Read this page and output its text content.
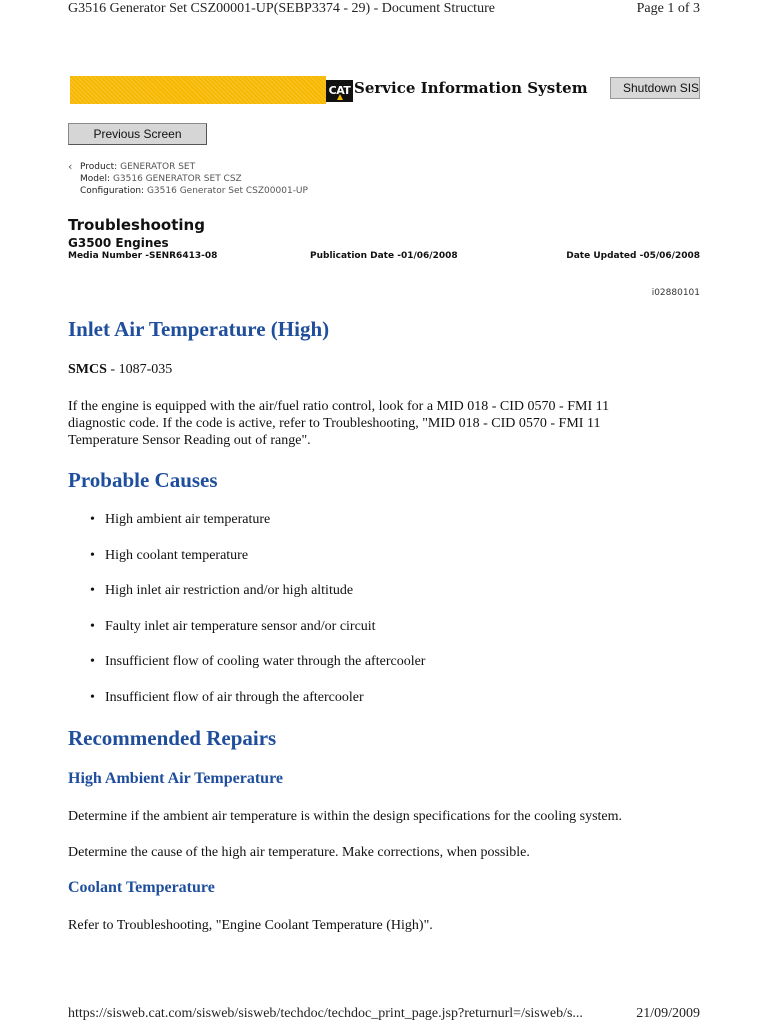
G3516 Generator Set CSZ00001-UP(SEBP3374 - 29) - Document Structure	Page 1 of 3
CAT Service Information System	Shutdown SIS
Previous Screen
‹ Product: GENERATOR SET
Model: G3516 GENERATOR SET CSZ
Configuration: G3516 Generator Set CSZ00001-UP
Troubleshooting
G3500 Engines
Media Number -SENR6413-08	Publication Date -01/06/2008	Date Updated -05/06/2008
i02880101
Inlet Air Temperature (High)
SMCS - 1087-035

If the engine is equipped with the air/fuel ratio control, look for a MID 018 - CID 0570 - FMI 11 diagnostic code. If the code is active, refer to Troubleshooting, "MID 018 - CID 0570 - FMI 11 Temperature Sensor Reading out of range".

Probable Causes
• High ambient air temperature
• High coolant temperature
• High inlet air restriction and/or high altitude
• Faulty inlet air temperature sensor and/or circuit
• Insufficient flow of cooling water through the aftercooler
• Insufficient flow of air through the aftercooler
Recommended Repairs
High Ambient Air Temperature

Determine if the ambient air temperature is within the design specifications for the cooling system.

Determine the cause of the high air temperature. Make corrections, when possible.

Coolant Temperature

Refer to Troubleshooting, "Engine Coolant Temperature (High)".

https://sisweb.cat.com/sisweb/sisweb/techdoc/techdoc_print_page.jsp?returnurl=/sisweb/s...	21/09/2009
